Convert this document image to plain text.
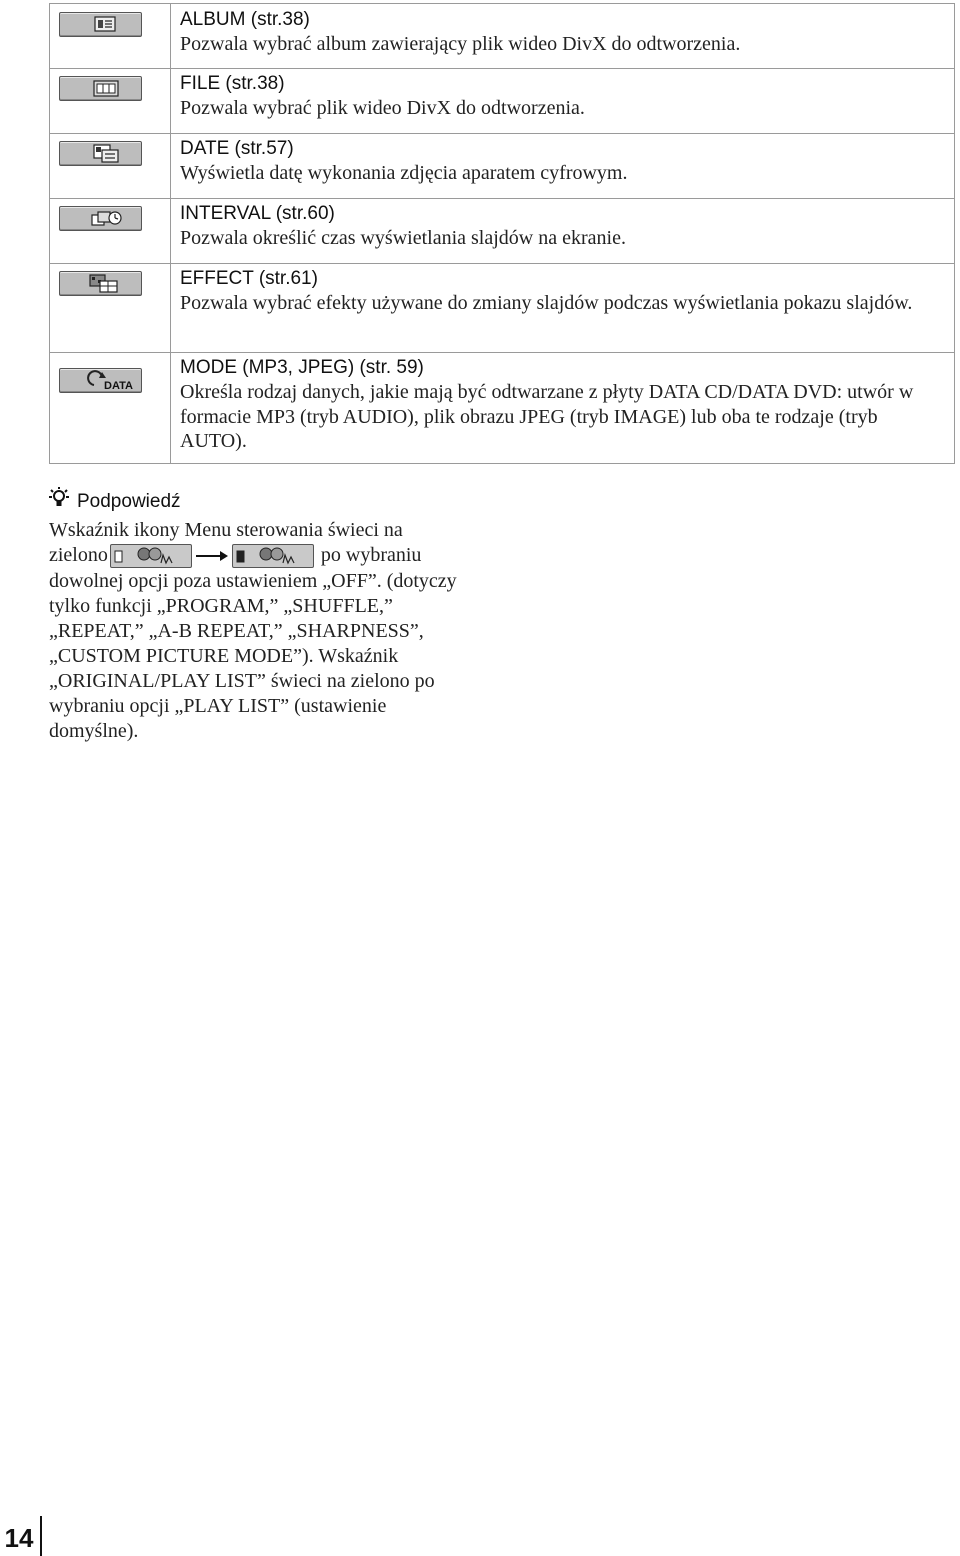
ALBUM (str.38)
Pozwala wybrać album zawierający plik wideo DivX do odtworzenia.
FILE (str.38)
Pozwala wybrać plik wideo DivX do odtworzenia.
DATE (str.57)
Wyświetla datę wykonania zdjęcia aparatem cyfrowym.
INTERVAL (str.60)
Pozwala określić czas wyświetlania slajdów na ekranie.
EFFECT (str.61)
Pozwala wybrać efekty używane do zmiany slajdów podczas wyświetlania pokazu slajdów.
DATA
MODE (MP3, JPEG) (str. 59)
Określa rodzaj danych, jakie mają być odtwarzane z płyty DATA CD/DATA DVD: utwór w formacie MP3 (tryb AUDIO), plik obrazu JPEG (tryb IMAGE) lub oba te rodzaje (tryb AUTO).
Podpowiedź
Wskaźnik ikony Menu sterowania świeci na
zielono	po wybraniu
dowolnej opcji poza ustawieniem „OFF”. (dotyczy tylko funkcji „PROGRAM,” „SHUFFLE,” „REPEAT,” „A-B REPEAT,” „SHARPNESS”, „CUSTOM PICTURE MODE”). Wskaźnik „ORIGINAL/PLAY LIST” świeci na zielono po wybraniu opcji „PLAY LIST” (ustawienie domyślne).
14
